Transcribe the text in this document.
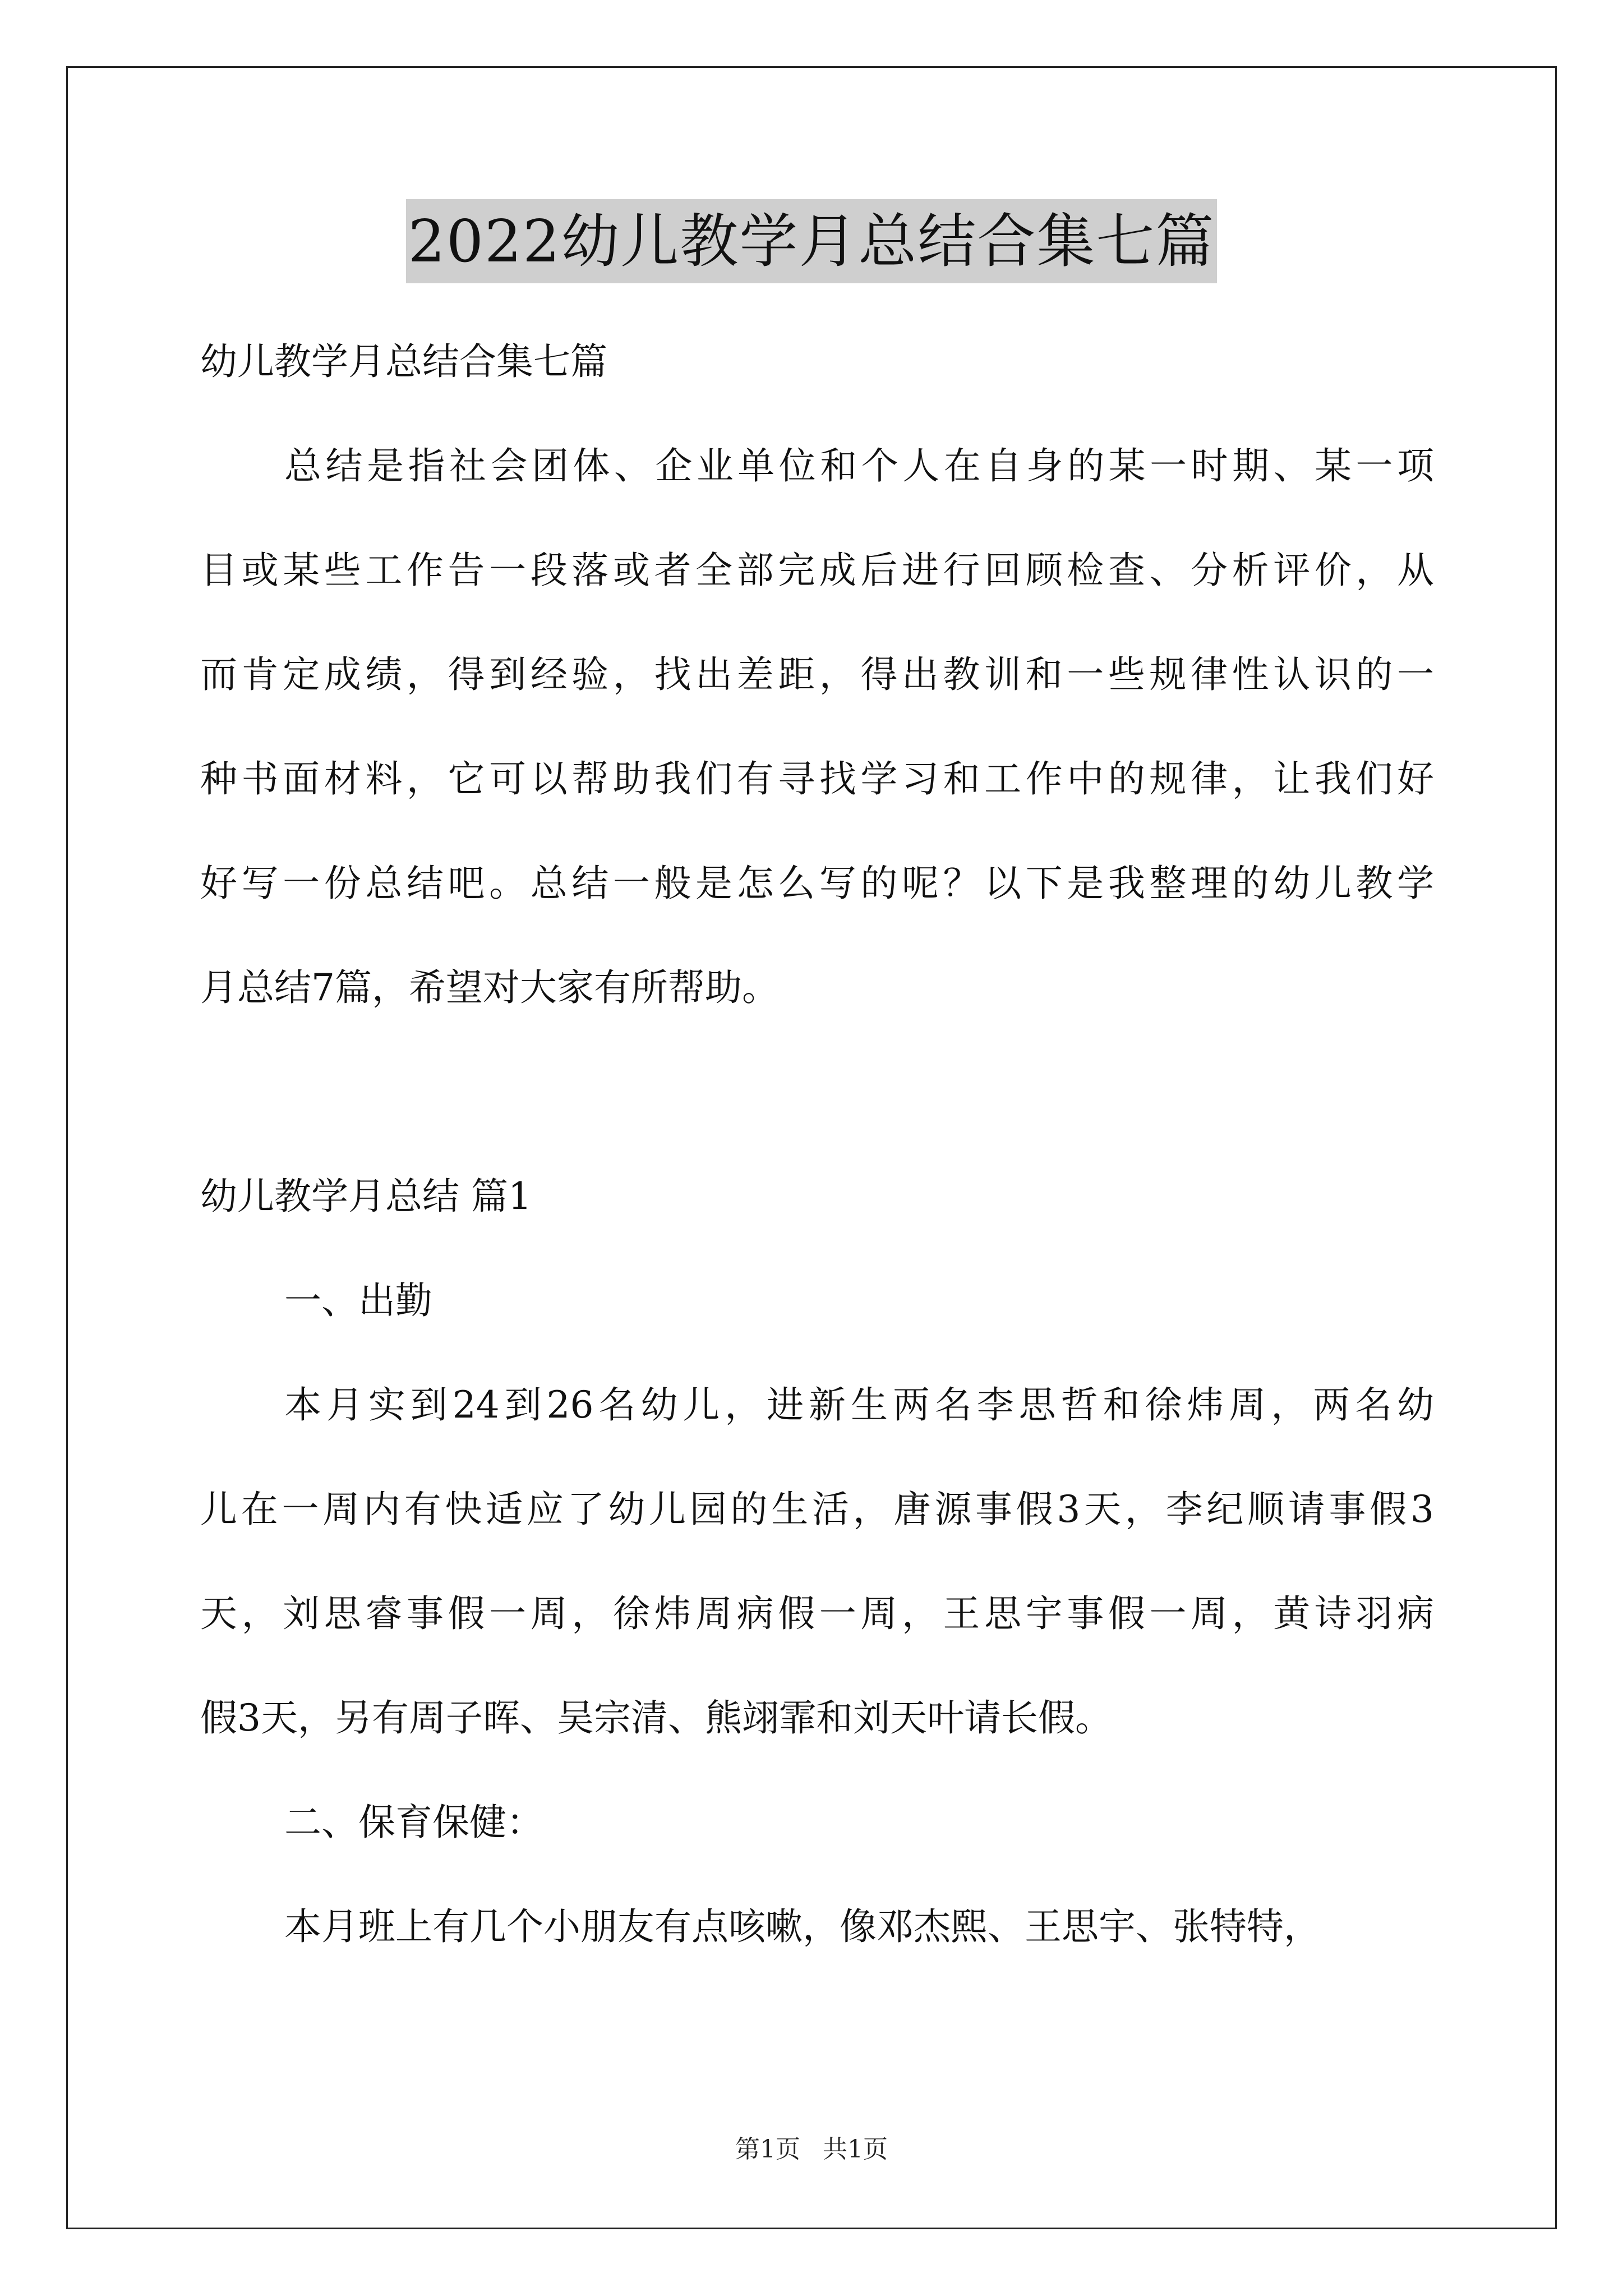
2022幼儿教学月总结合集七篇

幼儿教学月总结合集七篇

总结是指社会团体、企业单位和个人在自身的某一时期、某一项

目或某些工作告一段落或者全部完成后进行回顾检查、分析评价，从

而肯定成绩，得到经验，找出差距，得出教训和一些规律性认识的一

种书面材料，它可以帮助我们有寻找学习和工作中的规律，让我们好

好写一份总结吧。总结一般是怎么写的呢？以下是我整理的幼儿教学

月总结7篇，希望对大家有所帮助。

幼儿教学月总结 篇1

一、出勤

本月实到24到26名幼儿，进新生两名李思哲和徐炜周，两名幼

儿在一周内有快适应了幼儿园的生活，唐源事假3天，李纪顺请事假3

天，刘思睿事假一周，徐炜周病假一周，王思宇事假一周，黄诗羽病

假3天，另有周子晖、吴宗清、熊翊霏和刘天叶请长假。

二、保育保健：

本月班上有几个小朋友有点咳嗽，像邓杰熙、王思宇、张特特，

第1页 共1页
